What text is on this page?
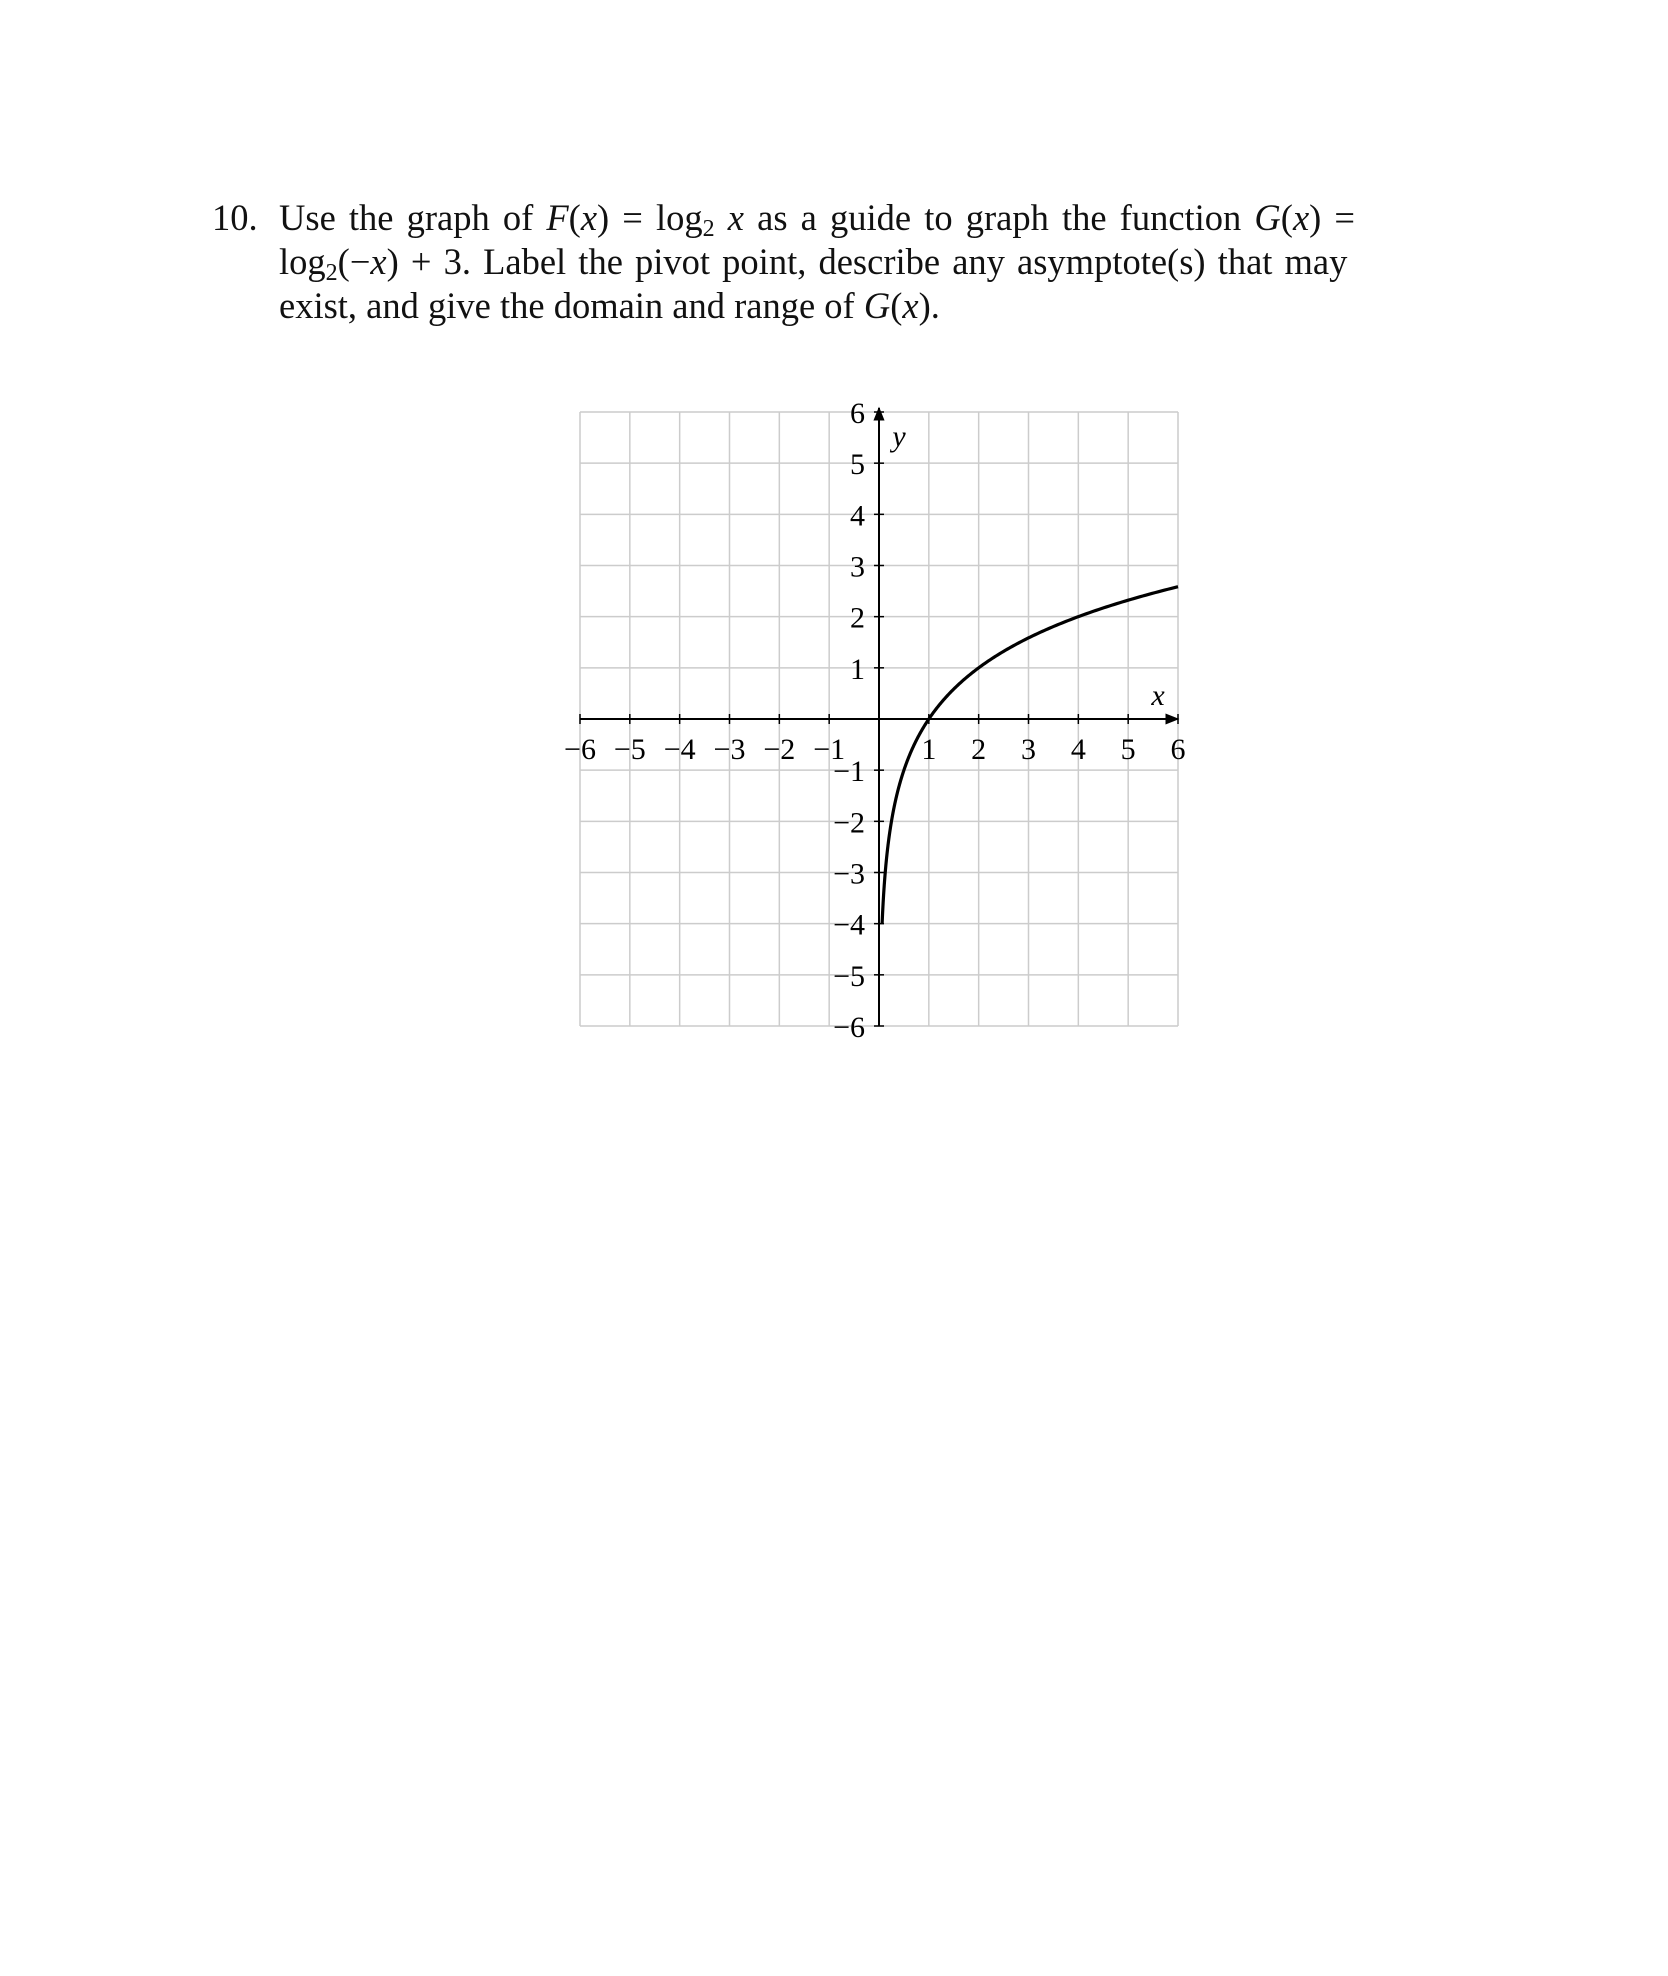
10. Use the graph of $F(x) = \log_2 x$ as a guide to graph the function G(x) =
$\log_2(-x) + 3$. Label the pivot point, describe any asymptote(s) that may
exist, and give the domain and range of G(x).
x
y
−6 −5 −4 −3 −2 −1	1 2 3 4 5 6
6
5
4
3
2
1
−1
−2
−3
−4
−5
−6
